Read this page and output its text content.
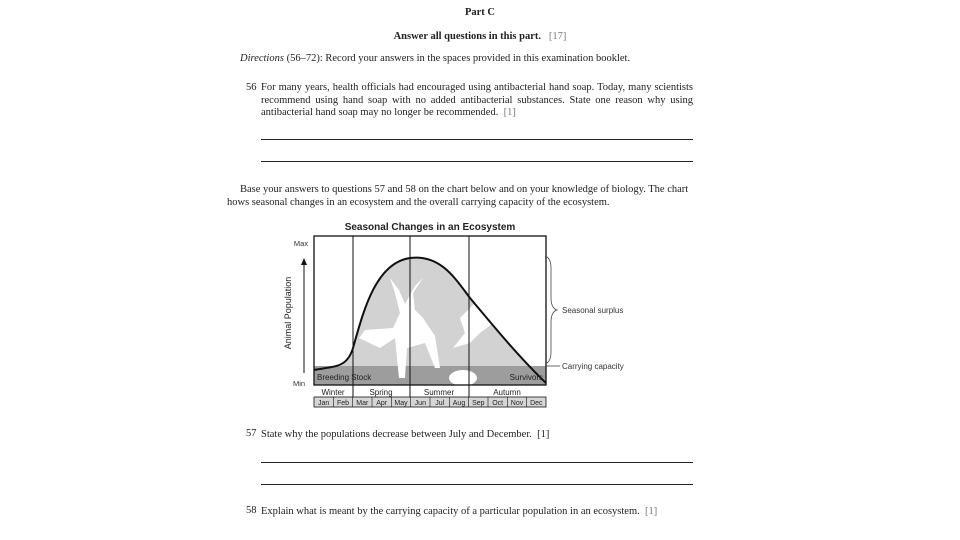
Part C
Answer all questions in this part. [17]
Directions (56–72): Record your answers in the spaces provided in this examination booklet.
56 For many years, health officials had encouraged using antibacterial hand soap. Today, many scientists recommend using hand soap with no added antibacterial substances. State one reason why using antibacterial hand soap may no longer be recommended. [1]
Base your answers to questions 57 and 58 on the chart below and on your knowledge of biology. The chart
hows seasonal changes in an ecosystem and the overall carrying capacity of the ecosystem.
Seasonal Changes in an Ecosystem
Breeding Stock	Survivors
Max
Min
Animal Population	Seasonal surplus
Carrying capacity
Winter	Spring	Summer	Autumn
Jan Feb Mar Apr May Jun Jul Aug Sep Oct Nov Dec
57 State why the populations decrease between July and December. [1]
58 Explain what is meant by the carrying capacity of a particular population in an ecosystem. [1]
